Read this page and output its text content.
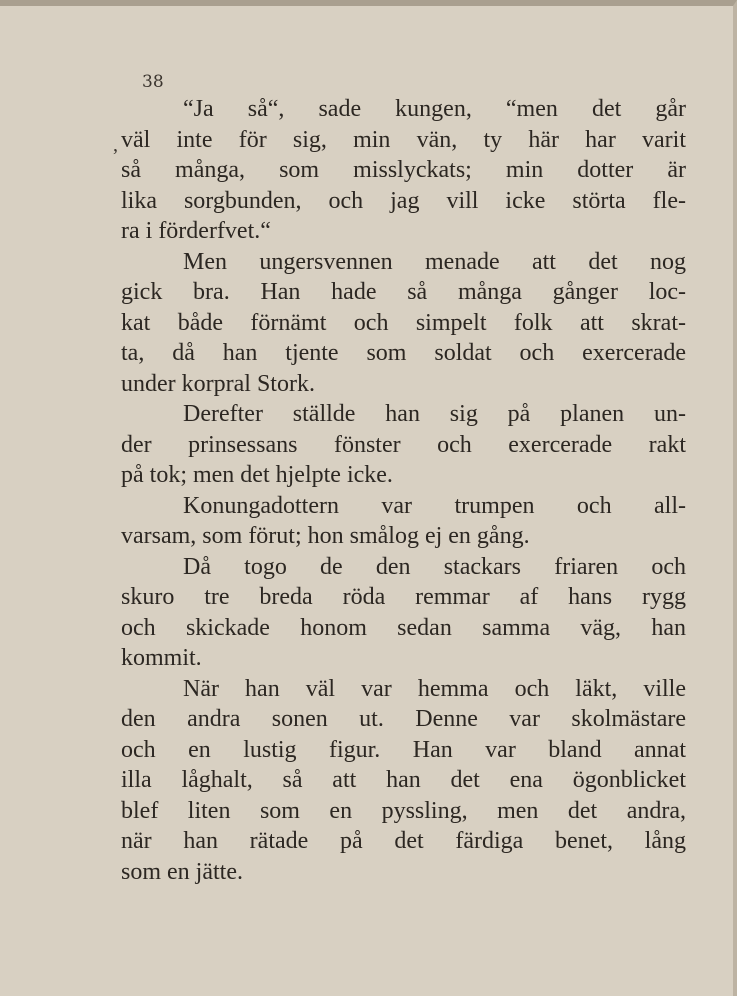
38
,
“Ja så“, sade kungen, “men det går
väl inte för sig, min vän, ty här har varit
så många, som misslyckats; min dotter är
lika sorgbunden, och jag vill icke störta fle-
ra i förderfvet.“
Men ungersvennen menade att det nog
gick bra. Han hade så många gånger loc-
kat både förnämt och simpelt folk att skrat-
ta, då han tjente som soldat och exercerade
under korpral Stork.
Derefter ställde han sig på planen un-
der prinsessans fönster och exercerade rakt
på tok; men det hjelpte icke.
Konungadottern var trumpen och all-
varsam, som förut; hon smålog ej en gång.
Då togo de den stackars friaren och
skuro tre breda röda remmar af hans rygg
och skickade honom sedan samma väg, han
kommit.
När han väl var hemma och läkt, ville
den andra sonen ut. Denne var skolmästare
och en lustig figur. Han var bland annat
illa låghalt, så att han det ena ögonblicket
blef liten som en pyssling, men det andra,
när han rätade på det färdiga benet, lång
som en jätte.
